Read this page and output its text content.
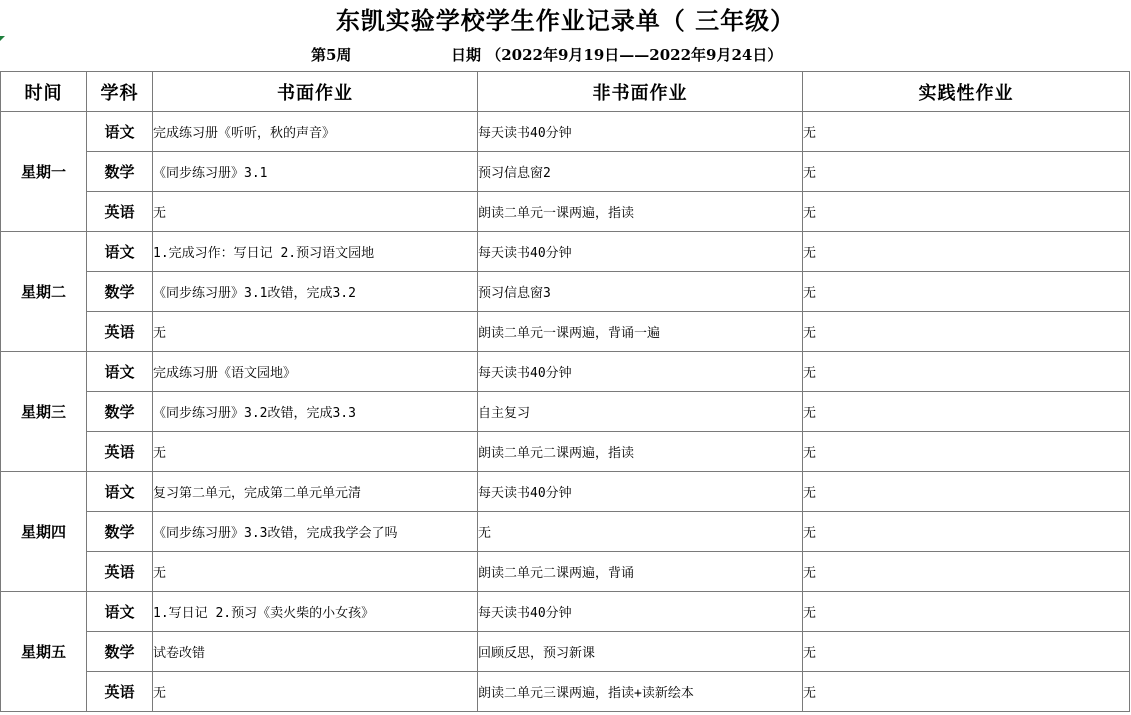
东凯实验学校学生作业记录单（ 三年级）
第5周	日期 （2022年9月19日——2022年9月24日）
时间	学科	书面作业	非书面作业	实践性作业
星期一	语文	完成练习册《听听，秋的声音》	每天读书40分钟	无
	数学	《同步练习册》3.1	预习信息窗2	无
	英语	无	朗读二单元一课两遍，指读	无
星期二	语文	1.完成习作：写日记 2.预习语文园地	每天读书40分钟	无
	数学	《同步练习册》3.1改错，完成3.2	预习信息窗3	无
	英语	无	朗读二单元一课两遍，背诵一遍	无
星期三	语文	完成练习册《语文园地》	每天读书40分钟	无
	数学	《同步练习册》3.2改错，完成3.3	自主复习	无
	英语	无	朗读二单元二课两遍，指读	无
星期四	语文	复习第二单元，完成第二单元单元清	每天读书40分钟	无
	数学	《同步练习册》3.3改错，完成我学会了吗	无	无
	英语	无	朗读二单元二课两遍，背诵	无
星期五	语文	1.写日记 2.预习《卖火柴的小女孩》	每天读书40分钟	无
	数学	试卷改错	回顾反思，预习新课	无
	英语	无	朗读二单元三课两遍，指读+读新绘本	无
